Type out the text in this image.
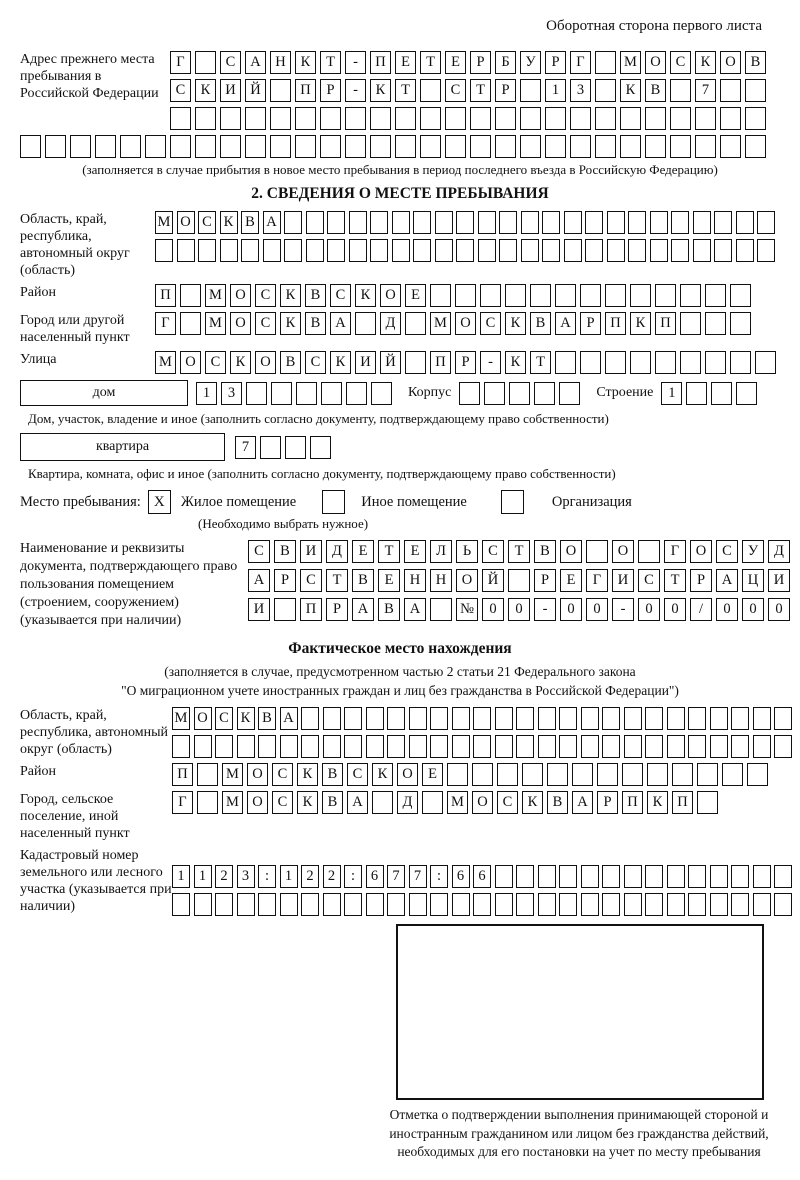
Оборотная сторона первого листа
Адрес прежнего места пребывания в Российской Федерации
Г	С	А	Н	К	Т	-	П	Е	Т	Е	Р	Б	У	Р	Г	М О	С	К	О	В
С	К	И	Й	П	Р	-	К	Т	С	Т	Р	1	3	К	В	7
(заполняется в случае прибытия в новое место пребывания в период последнего въезда в Российскую Федерацию)
2. СВЕДЕНИЯ О МЕСТЕ ПРЕБЫВАНИЯ
Область, край, республика, автономный округ (область)
М О С К В А
Район	П	М О	С	К	В	С	К	О	Е
Город или другой населенный пункт
Г	М О	С	К	В	А	Д	М О	С	К	В	А	Р	П	К	П
Улица	М О	С	К	О	В	С	К	И	Й	П	Р	-	К	Т
дом	1	3	Корпус	Строение	1
Дом, участок, владение и иное (заполнить согласно документу, подтверждающему право собственности)
квартира	7
Квартира, комната, офис и иное (заполнить согласно документу, подтверждающему право собственности)
Место пребывания: X	Жилое помещение	Иное помещение	Организация
(Необходимо выбрать нужное)
Наименование и реквизиты документа, подтверждающего право пользования помещением (строением, сооружением) (указывается при наличии)
С	В	И	Д	Е	Т	Е	Л	Ь	С	Т	В	О	О	Г	О	С	У	Д
А	Р	С	Т	В	Е	Н	Н	О	Й	Р	Е	Г	И	С	Т	Р	А	Ц	И
И	П	Р	А	В	А	№	0	0	-	0	0	-	0	0	/	0	0	0
Фактическое место нахождения
(заполняется в случае, предусмотренном частью 2 статьи 21 Федерального закона
"О миграционном учете иностранных граждан и лиц без гражданства в Российской Федерации")
Область, край, республика, автономный округ (область)
М О С К В А
Район	П	М О	С	К	В	С	К	О	Е
Город, сельское поселение, иной населенный пункт
Г	М О	С	К	В	А	Д	М О	С	К	В	А	Р	П	К	П
Кадастровый номер земельного или лесного участка (указывается при наличии)
1 1 2 3	:	1 2 2	:	6 7 7	:	6 6
Отметка о подтверждении выполнения принимающей стороной и иностранным гражданином или лицом без гражданства действий, необходимых для его постановки на учет по месту пребывания
